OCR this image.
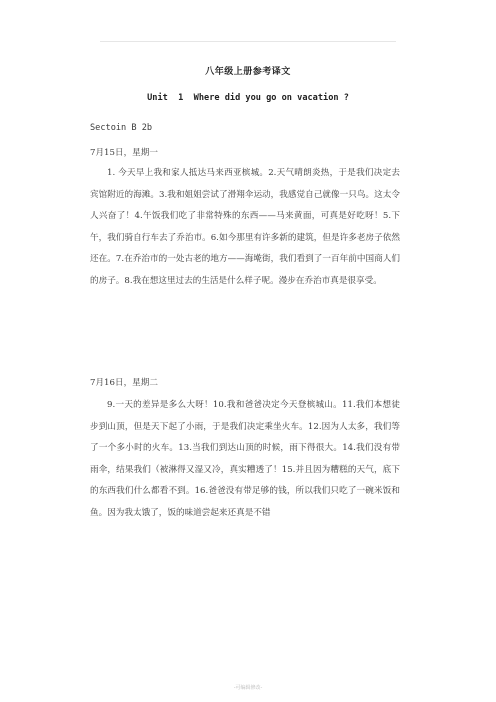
八年级上册参考译文
Unit  1  Where did you go on vacation ?
Sectoin B 2b
7月15日，星期一
1. 今天早上我和家人抵达马来西亚槟城。2.天气晴朗炎热，于是我们决定去宾馆附近的海滩。3.我和姐姐尝试了滑翔伞运动，我感觉自己就像一只鸟。这太令人兴奋了！4.午饭我们吃了非常特殊的东西——马来黄面，可真是好吃呀！5.下午，我们骑自行车去了乔治市。6.如今那里有许多新的建筑，但是许多老房子依然还在。7.在乔治市的一处古老的地方——海墘街，我们看到了一百年前中国商人们的房子。8.我在想这里过去的生活是什么样子呢。漫步在乔治市真是很享受。
7月16日，星期二
9.一天的差异是多么大呀！10.我和爸爸决定今天登槟城山。11.我们本想徒步到山顶，但是天下起了小雨，于是我们决定乘坐火车。12.因为人太多，我们等了一个多小时的火车。13.当我们到达山顶的时候，雨下得很大。14.我们没有带雨伞，结果我们（被淋得又湿又冷，真实糟透了！15.并且因为糟糕的天气，底下的东西我们什么都看不到。16.爸爸没有带足够的钱，所以我们只吃了一碗米饭和鱼。因为我太饿了，饭的味道尝起来还真是不错
-可编辑修改-
